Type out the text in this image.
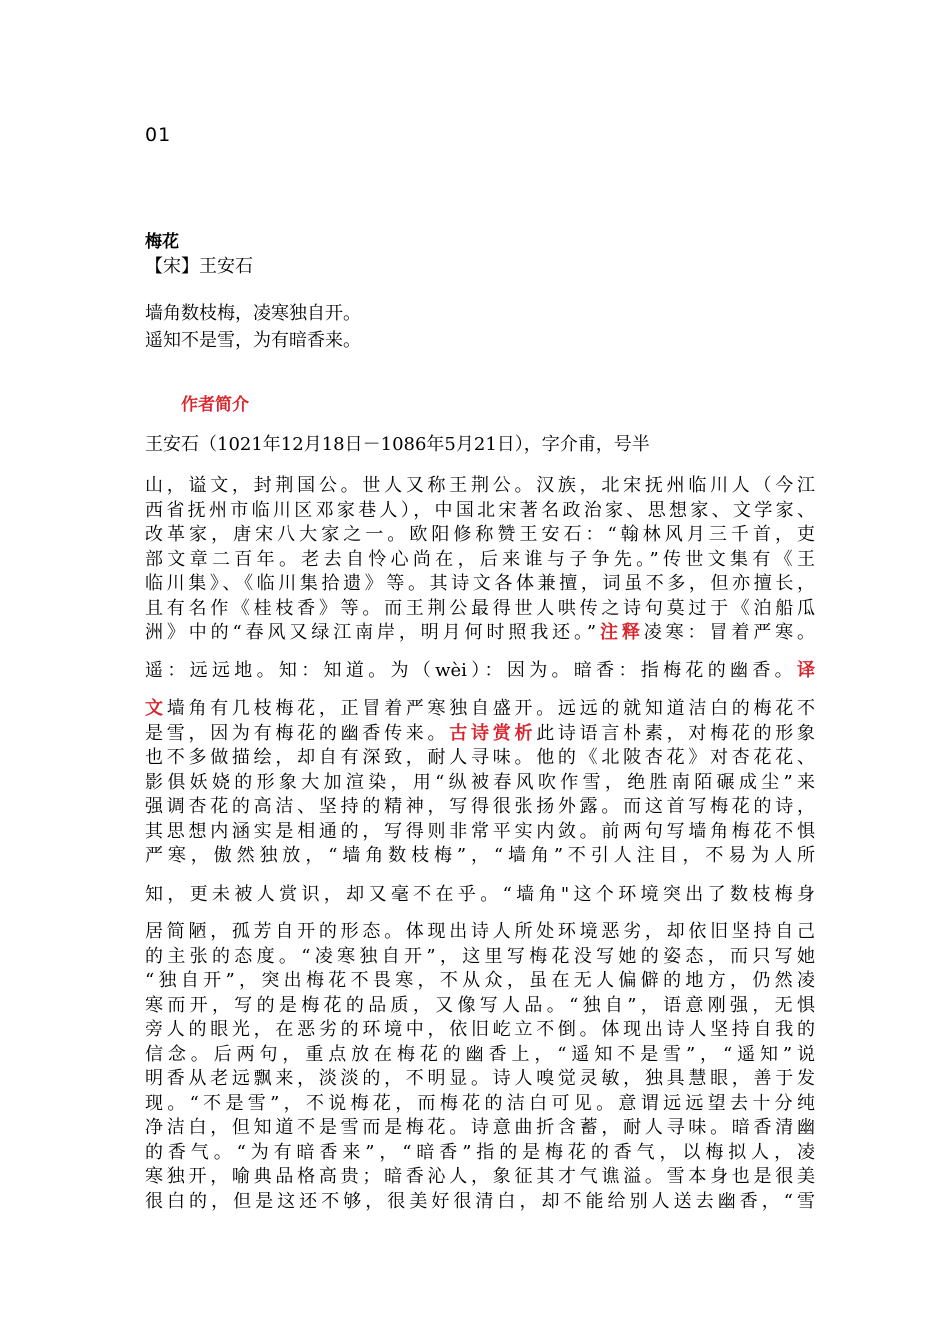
01
梅花
【宋】王安石
墙角数枝梅，凌寒独自开。
遥知不是雪，为有暗香来。
作者简介
王安石（1021年12月18日－1086年5月21日），字介甫，号半
山，谥文，封荆国公。世人又称王荆公。汉族，北宋抚州临川人（今江
西省抚州市临川区邓家巷人），中国北宋著名政治家、思想家、文学家、
改革家，唐宋八大家之一。欧阳修称赞王安石：“翰林风月三千首，吏
部文章二百年。老去自怜心尚在，后来谁与子争先。”传世文集有《王
临川集》、《临川集拾遗》等。其诗文各体兼擅，词虽不多，但亦擅长，
且有名作《桂枝香》等。而王荆公最得世人哄传之诗句莫过于《泊船瓜
洲》中的“春风又绿江南岸，明月何时照我还。”注释凌寒：冒着严寒。
遥：远远地。知：知道。为（wèi）：因为。暗香：指梅花的幽香。译
文墙角有几枝梅花，正冒着严寒独自盛开。远远的就知道洁白的梅花不
是雪，因为有梅花的幽香传来。古诗赏析此诗语言朴素，对梅花的形象
也不多做描绘，却自有深致，耐人寻味。他的《北陂杏花》对杏花花、
影俱妖娆的形象大加渲染，用“纵被春风吹作雪，绝胜南陌碾成尘”来
强调杏花的高洁、坚持的精神，写得很张扬外露。而这首写梅花的诗，
其思想内涵实是相通的，写得则非常平实内敛。前两句写墙角梅花不惧
严寒，傲然独放，“墙角数枝梅”，“墙角”不引人注目，不易为人所
知，更未被人赏识，却又毫不在乎。“墙角"这个环境突出了数枝梅身
居简陋，孤芳自开的形态。体现出诗人所处环境恶劣，却依旧坚持自己
的主张的态度。“凌寒独自开”，这里写梅花没写她的姿态，而只写她
“独自开”，突出梅花不畏寒，不从众，虽在无人偏僻的地方，仍然凌
寒而开，写的是梅花的品质，又像写人品。“独自”，语意刚强，无惧
旁人的眼光，在恶劣的环境中，依旧屹立不倒。体现出诗人坚持自我的
信念。后两句，重点放在梅花的幽香上，“遥知不是雪”，“遥知”说
明香从老远飘来，淡淡的，不明显。诗人嗅觉灵敏，独具慧眼，善于发
现。“不是雪”，不说梅花，而梅花的洁白可见。意谓远远望去十分纯
净洁白，但知道不是雪而是梅花。诗意曲折含蓄，耐人寻味。暗香清幽
的香气。“为有暗香来”，“暗香”指的是梅花的香气，以梅拟人，凌
寒独开，喻典品格高贵；暗香沁人，象征其才气谯溢。雪本身也是很美
很白的，但是这还不够，很美好很清白，却不能给别人送去幽香，“雪
